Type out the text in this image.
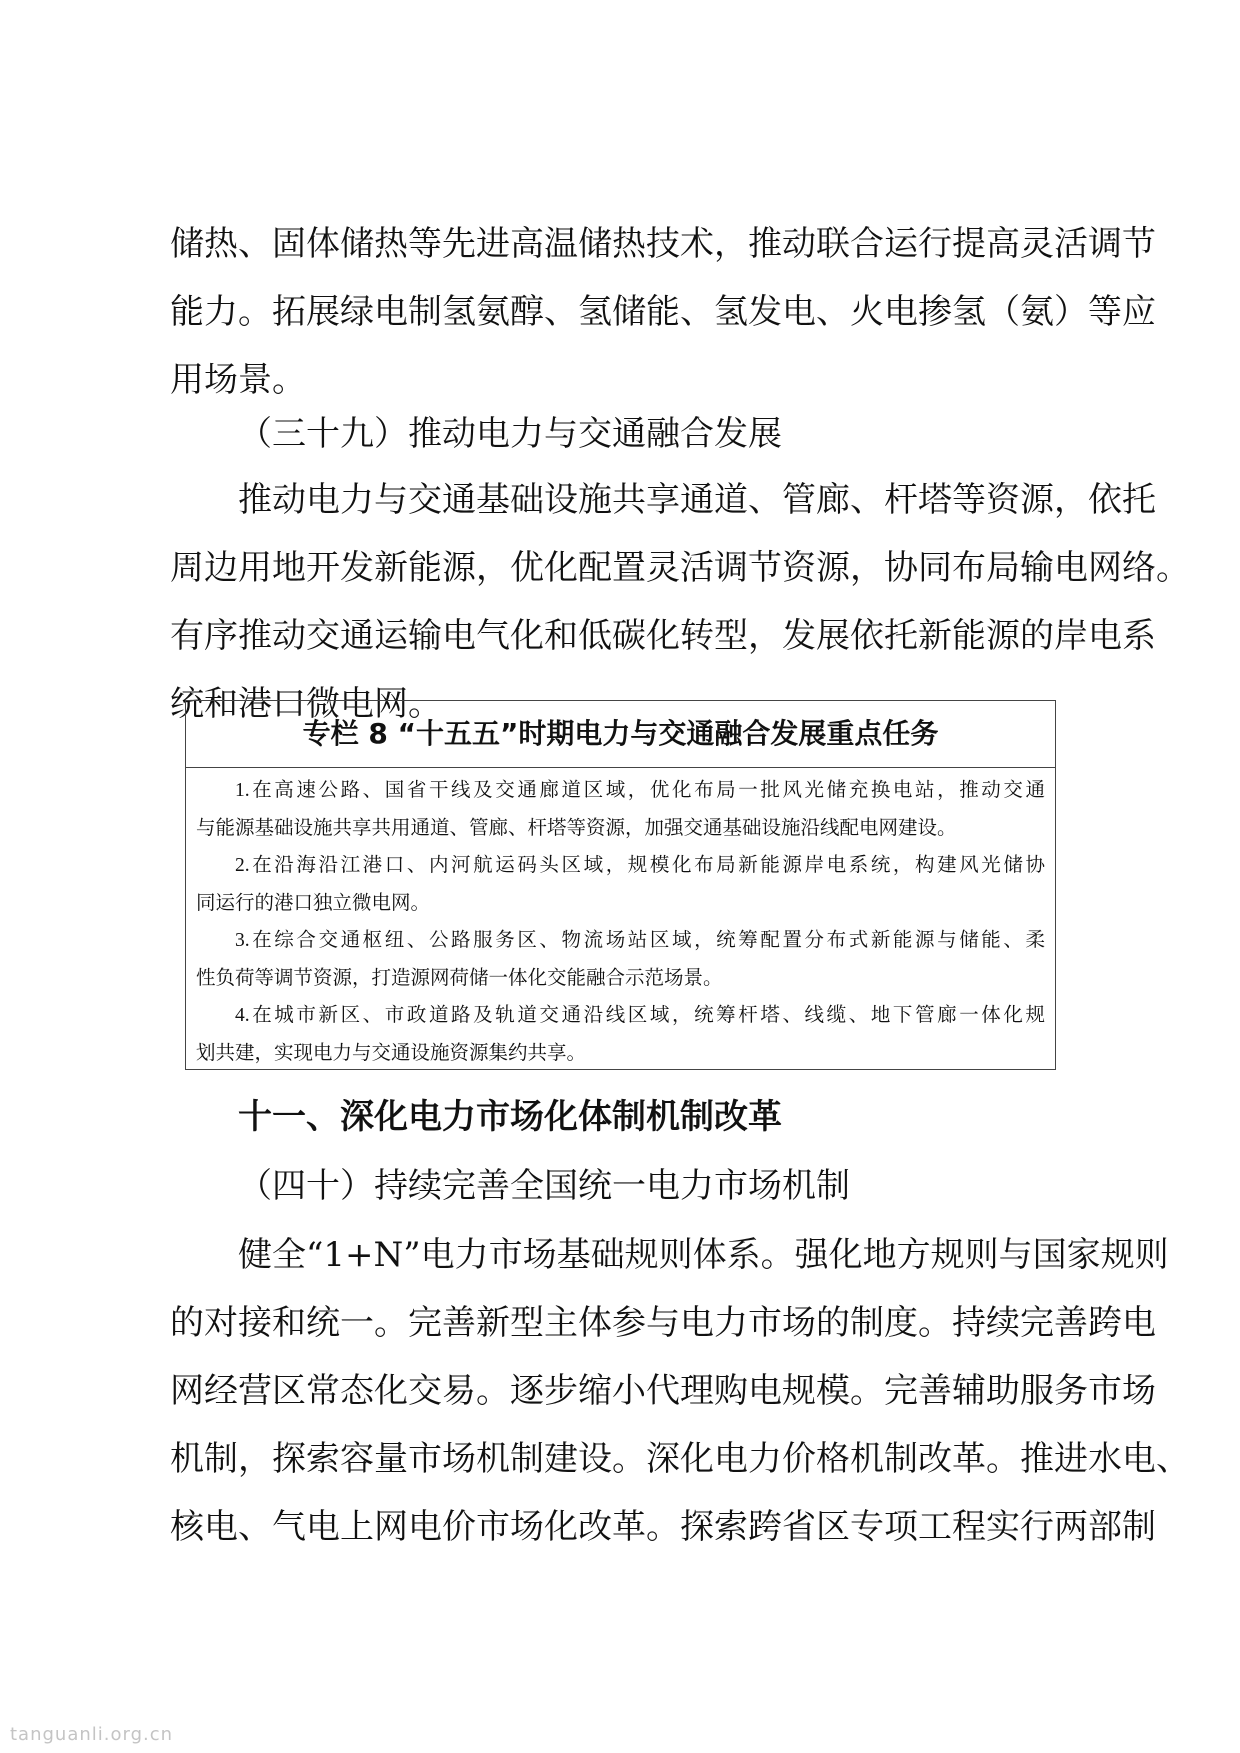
储热、固体储热等先进高温储热技术，推动联合运行提高灵活调节
能力。拓展绿电制氢氨醇、氢储能、氢发电、火电掺氢（氨）等应
用场景。

（三十九）推动电力与交通融合发展

推动电力与交通基础设施共享通道、管廊、杆塔等资源，依托
周边用地开发新能源，优化配置灵活调节资源，协同布局输电网络。
有序推动交通运输电气化和低碳化转型，发展依托新能源的岸电系
统和港口微电网。
专栏 8 “十五五”时期电力与交通融合发展重点任务
1.在高速公路、国省干线及交通廊道区域，优化布局一批风光储充换电站，推动交通
与能源基础设施共享共用通道、管廊、杆塔等资源，加强交通基础设施沿线配电网建设。
2.在沿海沿江港口、内河航运码头区域，规模化布局新能源岸电系统，构建风光储协
同运行的港口独立微电网。
3.在综合交通枢纽、公路服务区、物流场站区域，统筹配置分布式新能源与储能、柔
性负荷等调节资源，打造源网荷储一体化交能融合示范场景。
4.在城市新区、市政道路及轨道交通沿线区域，统筹杆塔、线缆、地下管廊一体化规
划共建，实现电力与交通设施资源集约共享。

十一、深化电力市场化体制机制改革

（四十）持续完善全国统一电力市场机制

健全“1+N”电力市场基础规则体系。强化地方规则与国家规则
的对接和统一。完善新型主体参与电力市场的制度。持续完善跨电
网经营区常态化交易。逐步缩小代理购电规模。完善辅助服务市场
机制，探索容量市场机制建设。深化电力价格机制改革。推进水电、
核电、气电上网电价市场化改革。探索跨省区专项工程实行两部制
tanguanli.org.cn
